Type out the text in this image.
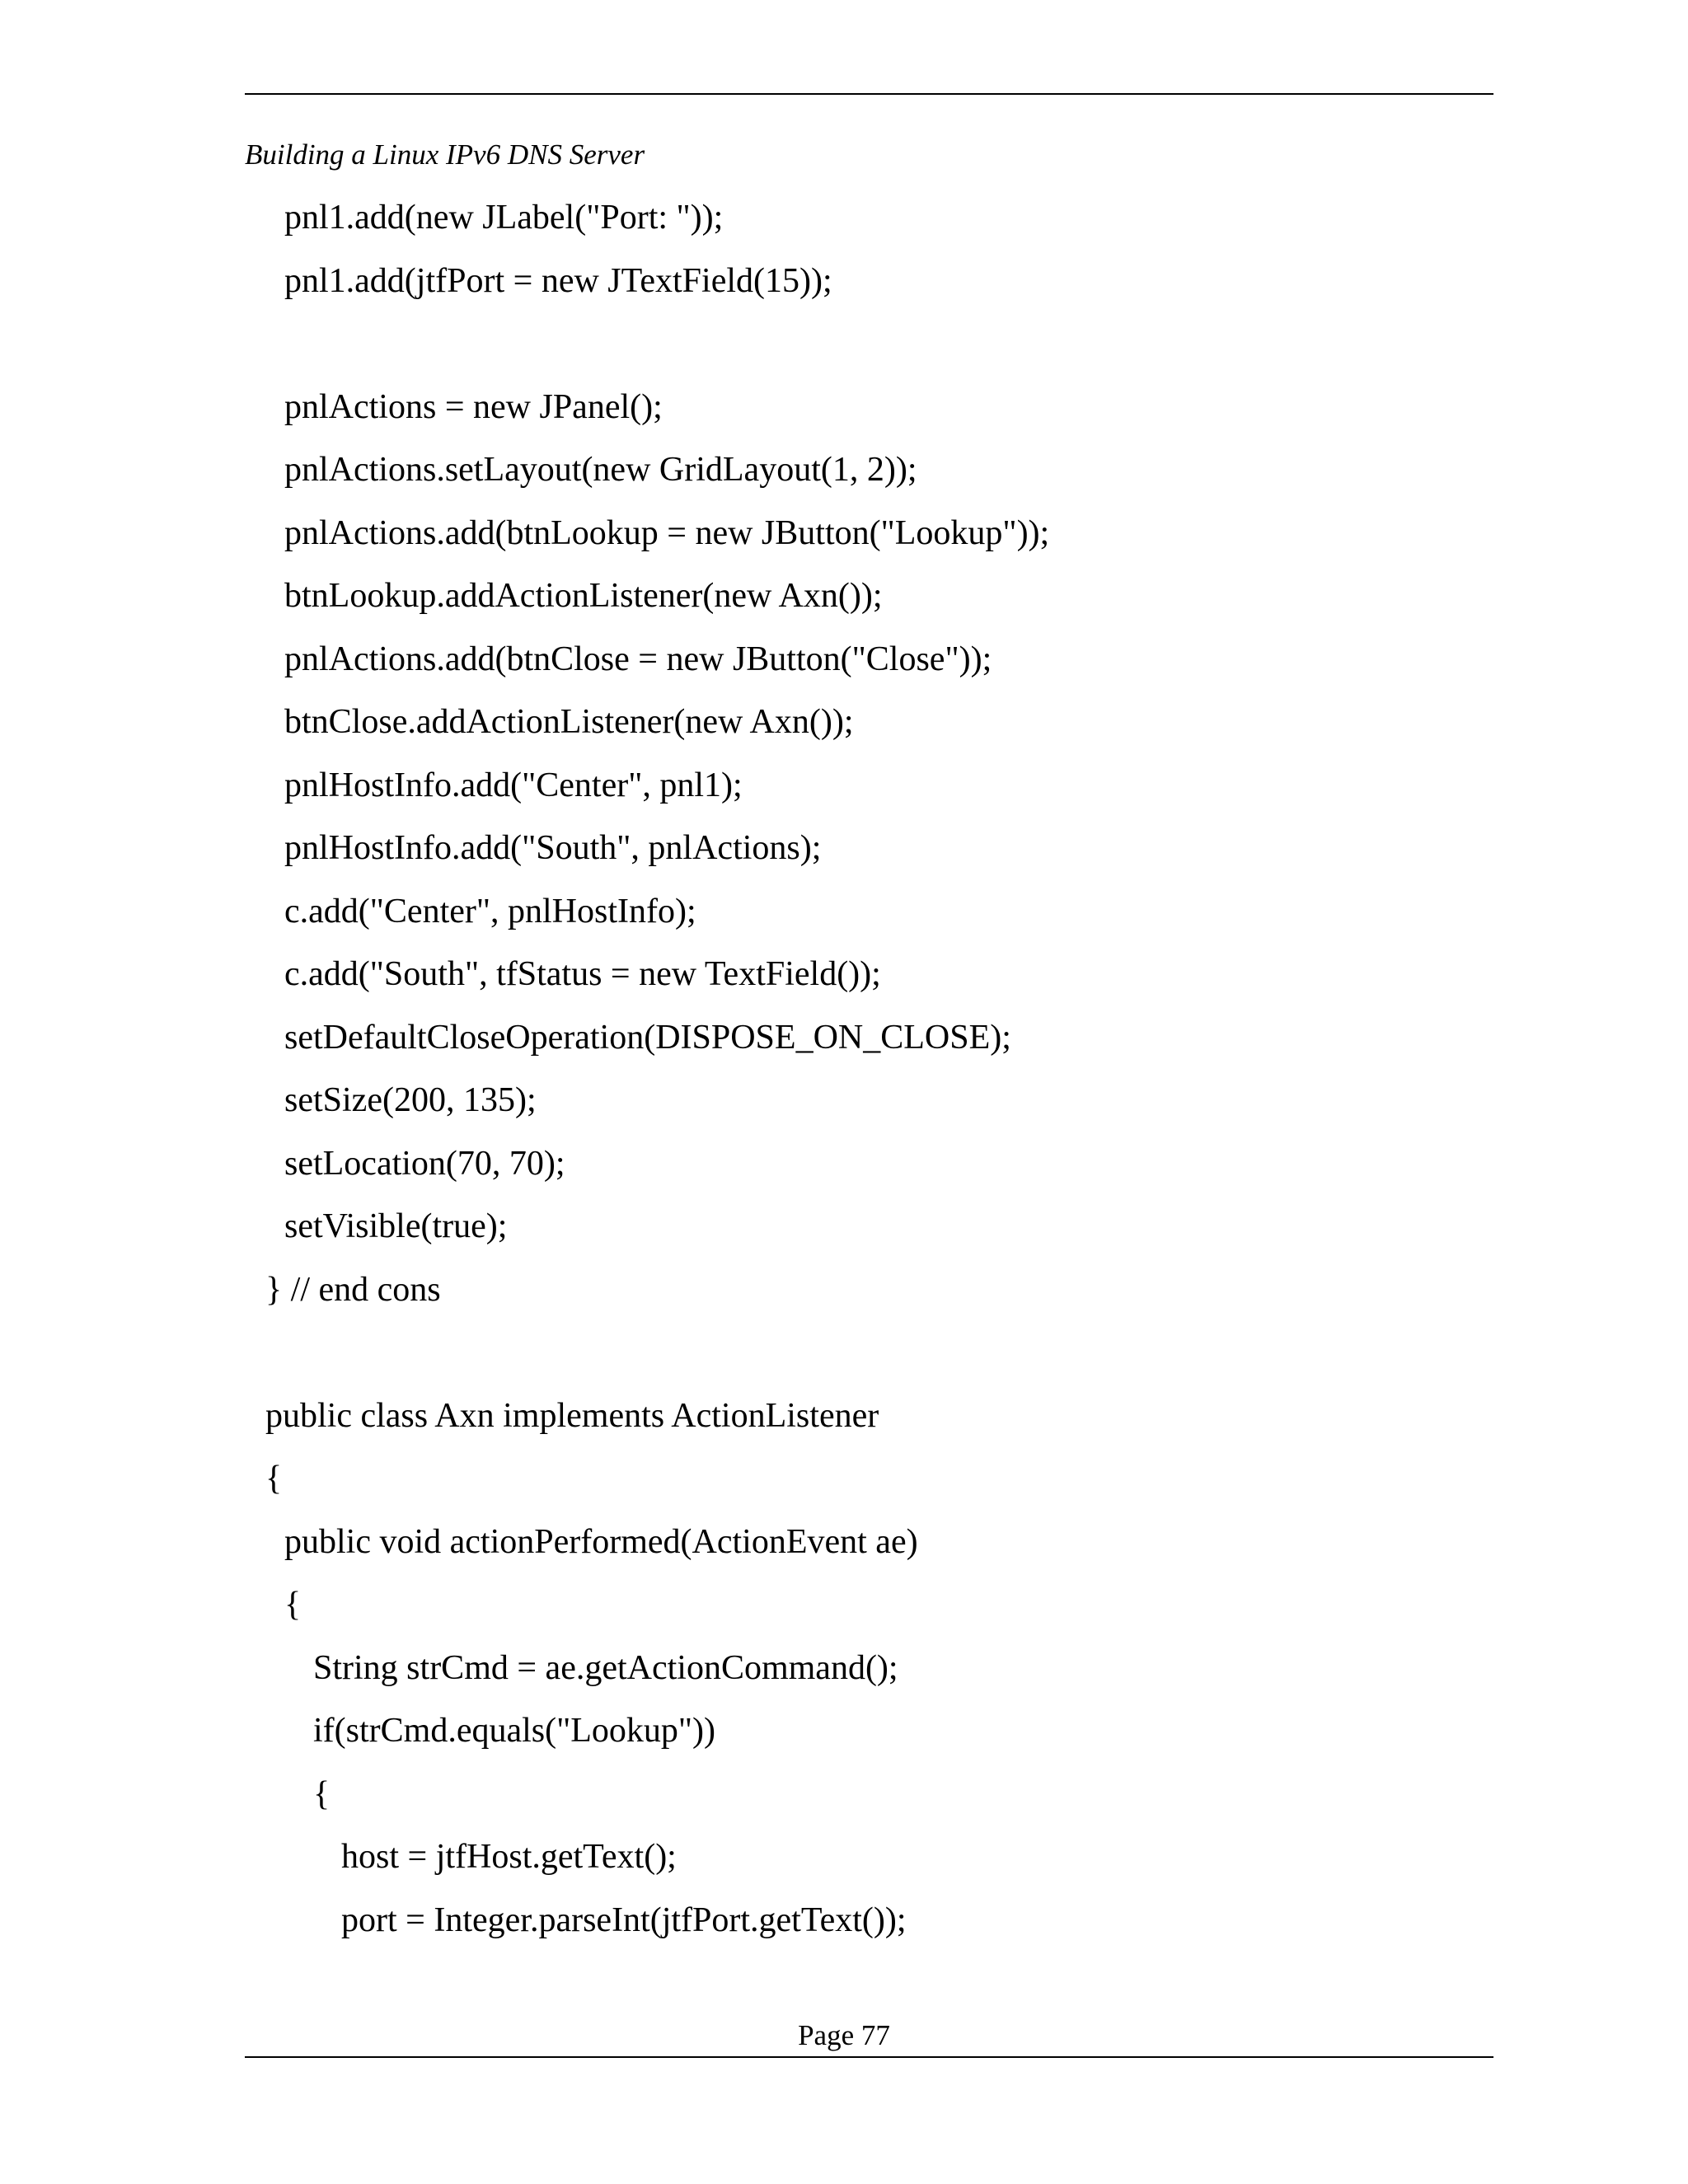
Building a Linux IPv6 DNS Server
pnl1.add(new JLabel("Port: "));
pnl1.add(jtfPort = new JTextField(15));
pnlActions = new JPanel();
pnlActions.setLayout(new GridLayout(1, 2));
pnlActions.add(btnLookup = new JButton("Lookup"));
btnLookup.addActionListener(new Axn());
pnlActions.add(btnClose = new JButton("Close"));
btnClose.addActionListener(new Axn());
pnlHostInfo.add("Center", pnl1);
pnlHostInfo.add("South", pnlActions);
c.add("Center", pnlHostInfo);
c.add("South", tfStatus = new TextField());
setDefaultCloseOperation(DISPOSE_ON_CLOSE);
setSize(200, 135);
setLocation(70, 70);
setVisible(true);
} // end cons
public class Axn implements ActionListener
{
public void actionPerformed(ActionEvent ae)
{
String strCmd = ae.getActionCommand();
if(strCmd.equals("Lookup"))
{
host = jtfHost.getText();
port = Integer.parseInt(jtfPort.getText());
Page 77
